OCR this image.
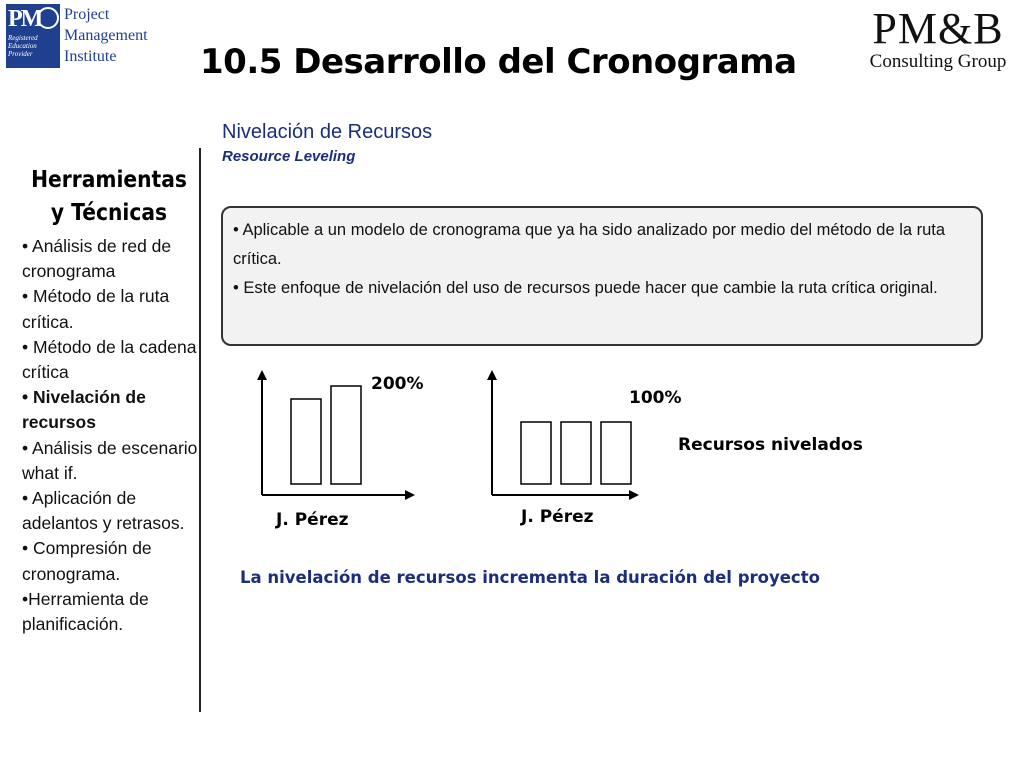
PM
Registered
Education
Provider
Project
Management
Institute
PM&B
Consulting Group
10.5 Desarrollo del Cronograma
Herramientas
y Técnicas
• Análisis de red de cronograma
• Método de la ruta crítica.
• Método de la cadena crítica
• Nivelación de recursos
• Análisis de escenario what if.
• Aplicación de adelantos y retrasos.
• Compresión de cronograma.
•Herramienta de planificación.
Nivelación de Recursos
Resource Leveling
• Aplicable a un modelo de cronograma que ya ha sido analizado por medio del método de la ruta crítica.
• Este enfoque de nivelación del uso de recursos puede hacer que cambie la ruta crítica original.
200%
J. Pérez
100%
J. Pérez
Recursos nivelados
La nivelación de recursos incrementa la duración del proyecto
